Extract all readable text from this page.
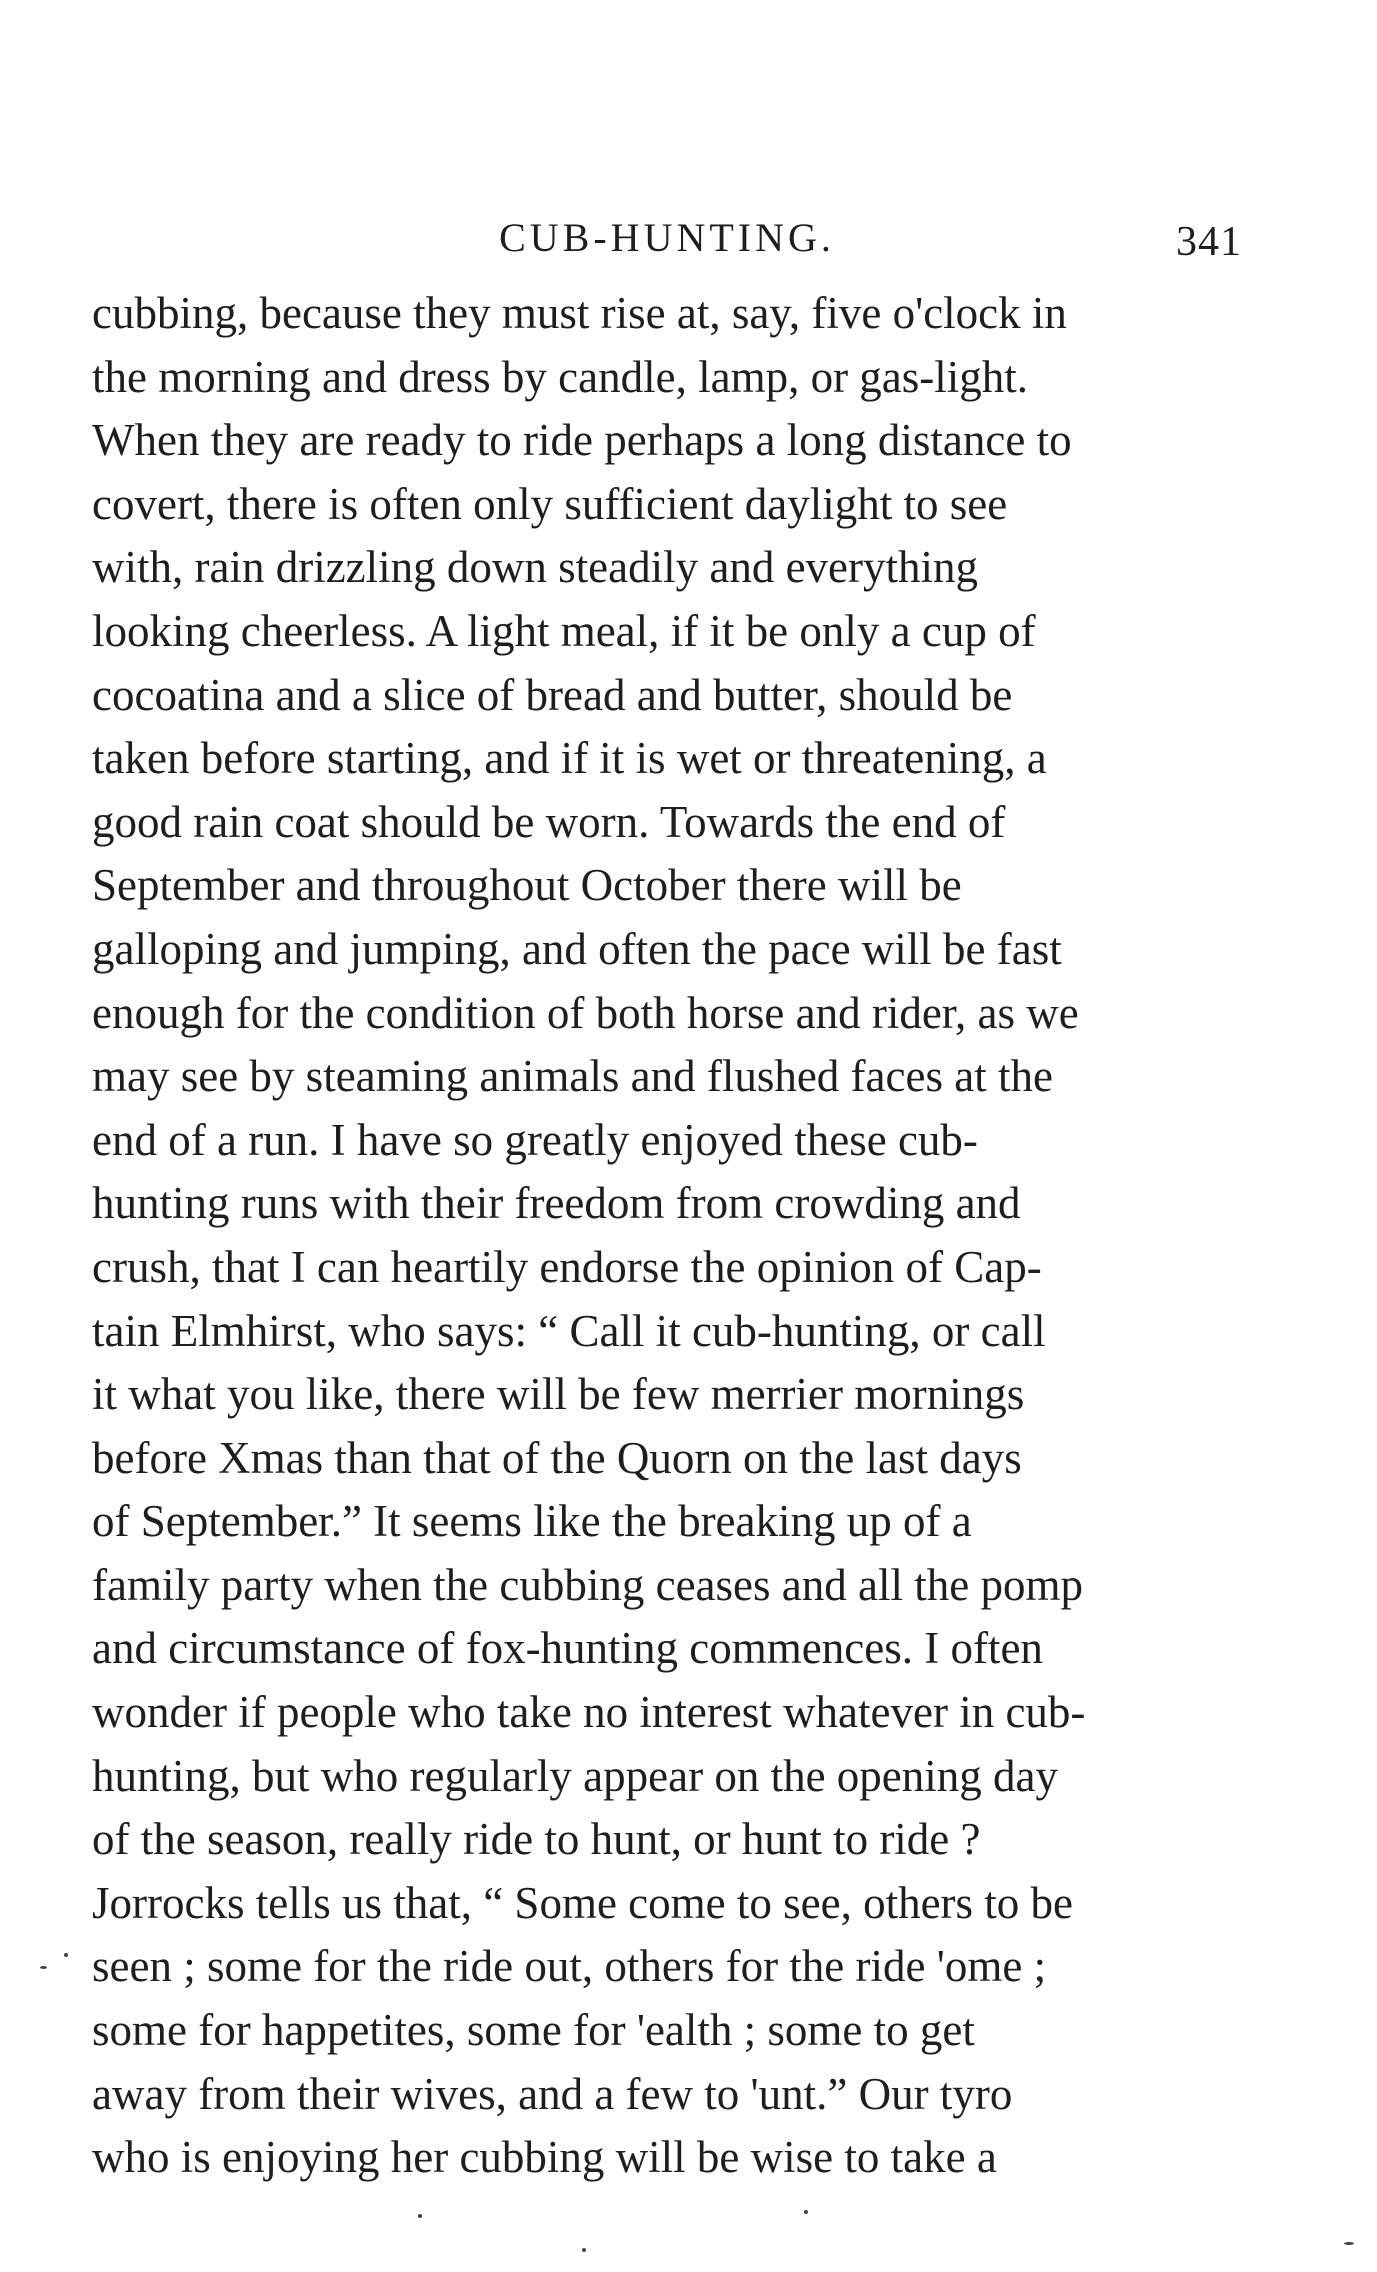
CUB-HUNTING.	341
cubbing, because they must rise at, say, five o'clock in
the morning and dress by candle, lamp, or gas-light.
When they are ready to ride perhaps a long distance to
covert, there is often only sufficient daylight to see
with, rain drizzling down steadily and everything
looking cheerless. A light meal, if it be only a cup of
cocoatina and a slice of bread and butter, should be
taken before starting, and if it is wet or threatening, a
good rain coat should be worn. Towards the end of
September and throughout October there will be
galloping and jumping, and often the pace will be fast
enough for the condition of both horse and rider, as we
may see by steaming animals and flushed faces at the
end of a run. I have so greatly enjoyed these cub-
hunting runs with their freedom from crowding and
crush, that I can heartily endorse the opinion of Cap-
tain Elmhirst, who says: “ Call it cub-hunting, or call
it what you like, there will be few merrier mornings
before Xmas than that of the Quorn on the last days
of September.” It seems like the breaking up of a
family party when the cubbing ceases and all the pomp
and circumstance of fox-hunting commences. I often
wonder if people who take no interest whatever in cub-
hunting, but who regularly appear on the opening day
of the season, really ride to hunt, or hunt to ride ?
Jorrocks tells us that, “ Some come to see, others to be
seen ; some for the ride out, others for the ride 'ome ;
some for happetites, some for 'ealth ; some to get
away from their wives, and a few to 'unt.” Our tyro
who is enjoying her cubbing will be wise to take a
